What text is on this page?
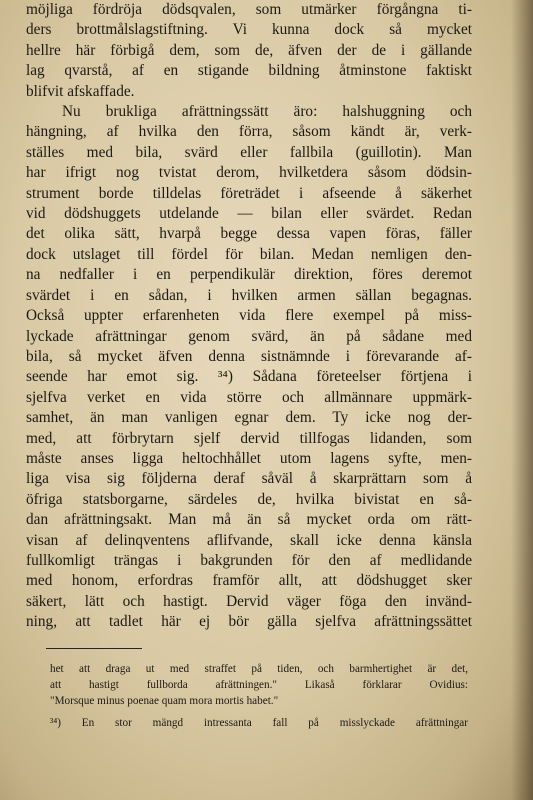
möjliga fördröja dödsqvalen, som utmärker förgångna ti-
ders brottmålslagstiftning. Vi kunna dock så mycket
hellre här förbigå dem, som de, äfven der de i gällande
lag qvarstå, af en stigande bildning åtminstone faktiskt
blifvit afskaffade.
Nu brukliga afrättningssätt äro: halshuggning och
hängning, af hvilka den förra, såsom kändt är, verk-
ställes med bila, svärd eller fallbila (guillotin). Man
har ifrigt nog tvistat derom, hvilketdera såsom dödsin-
strument borde tilldelas företrädet i afseende å säkerhet
vid dödshuggets utdelande — bilan eller svärdet. Redan
det olika sätt, hvarpå begge dessa vapen föras, fäller
dock utslaget till fördel för bilan. Medan nemligen den-
na nedfaller i en perpendikulär direktion, föres deremot
svärdet i en sådan, i hvilken armen sällan begagnas.
Också uppter erfarenheten vida flere exempel på miss-
lyckade afrättningar genom svärd, än på sådane med
bila, så mycket äfven denna sistnämnde i förevarande af-
seende har emot sig. ³⁴) Sådana företeelser förtjena i
sjelfva verket en vida större och allmännare uppmärk-
samhet, än man vanligen egnar dem. Ty icke nog der-
med, att förbrytarn sjelf dervid tillfogas lidanden, som
måste anses ligga heltochhållet utom lagens syfte, men-
liga visa sig följderna deraf såväl å skarprättarn som å
öfriga statsborgarne, särdeles de, hvilka bivistat en så-
dan afrättningsakt. Man må än så mycket orda om rätt-
visan af delinqventens aflifvande, skall icke denna känsla
fullkomligt trängas i bakgrunden för den af medlidande
med honom, erfordras framför allt, att dödshugget sker
säkert, lätt och hastigt. Dervid väger föga den invänd-
ning, att tadlet här ej bör gälla sjelfva afrättningssättet
het att draga ut med straffet på tiden, och barmhertighet är det,
att hastigt fullborda afrättningen." Likaså förklarar Ovidius:
"Morsque minus poenae quam mora mortis habet."
³⁴) En stor mängd intressanta fall på misslyckade afrättningar
